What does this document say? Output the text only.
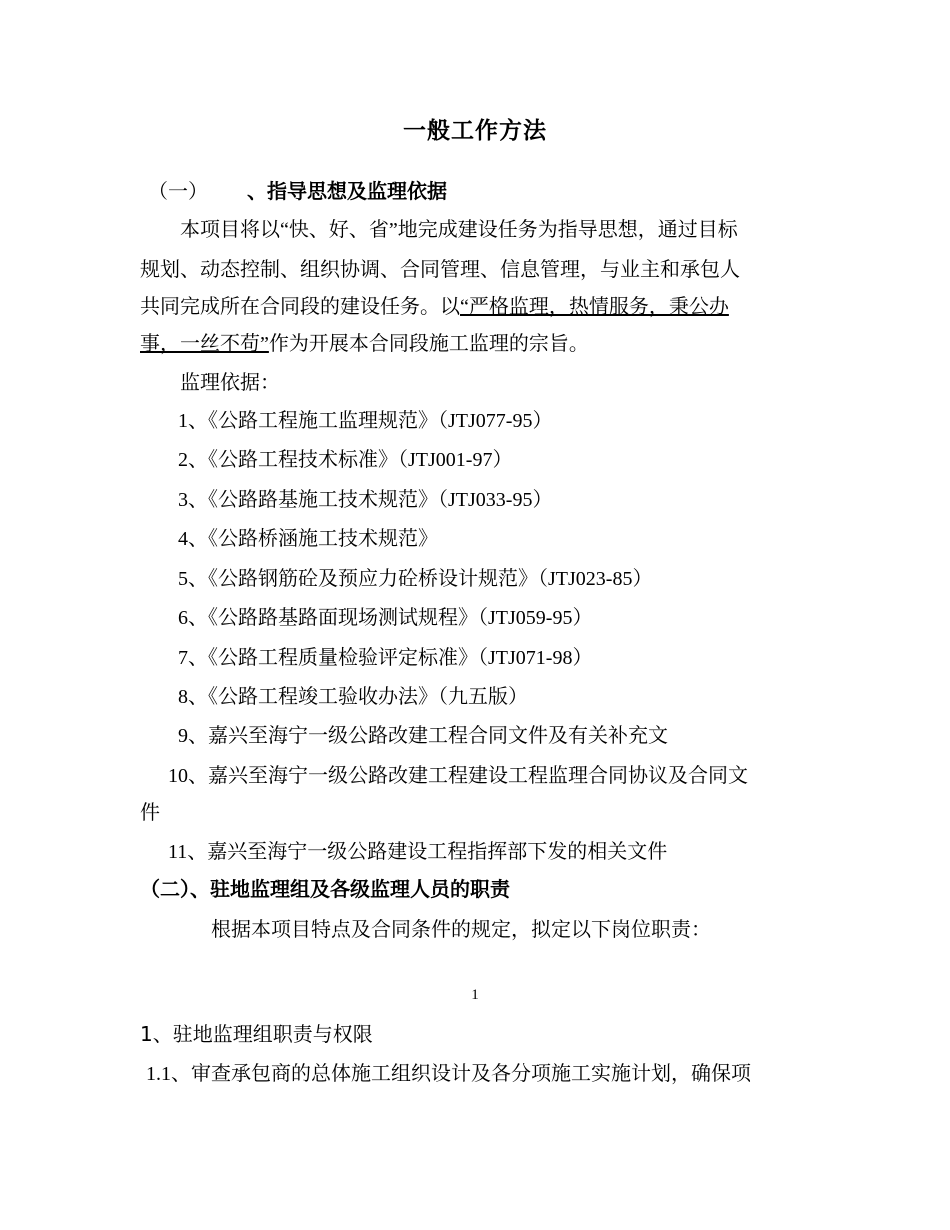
一般工作方法
（一） 、指导思想及监理依据
本项目将以“快、好、省”地完成建设任务为指导思想，通过目标
规划、动态控制、组织协调、合同管理、信息管理，与业主和承包人
共同完成所在合同段的建设任务。以“严格监理，热情服务，秉公办
事，一丝不苟”作为开展本合同段施工监理的宗旨。
监理依据：
1、《公路工程施工监理规范》（JTJ077-95）
2、《公路工程技术标准》（JTJ001-97）
3、《公路路基施工技术规范》（JTJ033-95）
4、《公路桥涵施工技术规范》
5、《公路钢筋砼及预应力砼桥设计规范》（JTJ023-85）
6、《公路路基路面现场测试规程》（JTJ059-95）
7、《公路工程质量检验评定标准》（JTJ071-98）
8、《公路工程竣工验收办法》（九五版）
9、嘉兴至海宁一级公路改建工程合同文件及有关补充文
10、嘉兴至海宁一级公路改建工程建设工程监理合同协议及合同文
件
11、嘉兴至海宁一级公路建设工程指挥部下发的相关文件
（二）、驻地监理组及各级监理人员的职责
根据本项目特点及合同条件的规定，拟定以下岗位职责：
1
1、驻地监理组职责与权限
1.1、审查承包商的总体施工组织设计及各分项施工实施计划，确保项
